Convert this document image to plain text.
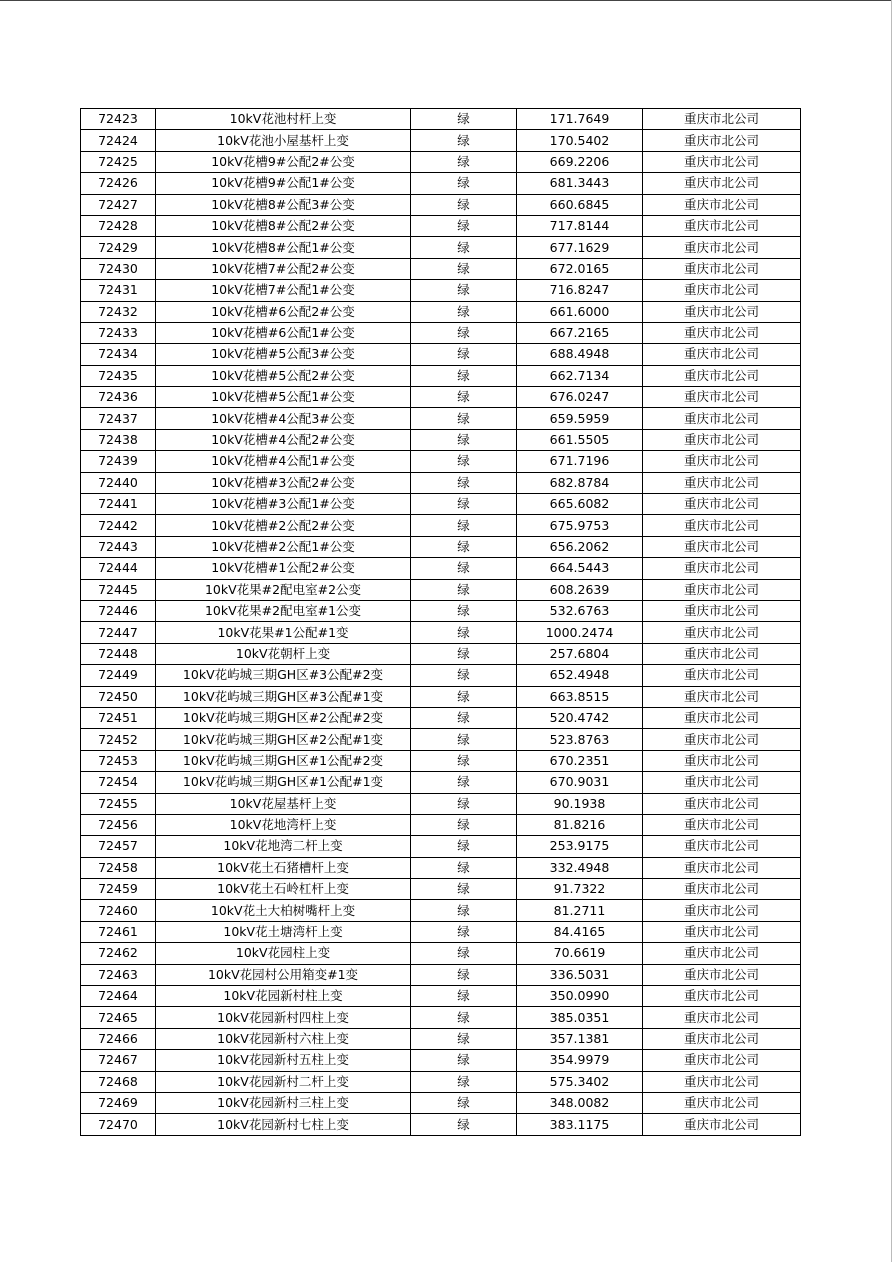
72423	10kV花池村杆上变	绿	171.7649	重庆市北公司
72424	10kV花池小屋基杆上变	绿	170.5402	重庆市北公司
72425	10kV花槽9#公配2#公变	绿	669.2206	重庆市北公司
72426	10kV花槽9#公配1#公变	绿	681.3443	重庆市北公司
72427	10kV花槽8#公配3#公变	绿	660.6845	重庆市北公司
72428	10kV花槽8#公配2#公变	绿	717.8144	重庆市北公司
72429	10kV花槽8#公配1#公变	绿	677.1629	重庆市北公司
72430	10kV花槽7#公配2#公变	绿	672.0165	重庆市北公司
72431	10kV花槽7#公配1#公变	绿	716.8247	重庆市北公司
72432	10kV花槽#6公配2#公变	绿	661.6000	重庆市北公司
72433	10kV花槽#6公配1#公变	绿	667.2165	重庆市北公司
72434	10kV花槽#5公配3#公变	绿	688.4948	重庆市北公司
72435	10kV花槽#5公配2#公变	绿	662.7134	重庆市北公司
72436	10kV花槽#5公配1#公变	绿	676.0247	重庆市北公司
72437	10kV花槽#4公配3#公变	绿	659.5959	重庆市北公司
72438	10kV花槽#4公配2#公变	绿	661.5505	重庆市北公司
72439	10kV花槽#4公配1#公变	绿	671.7196	重庆市北公司
72440	10kV花槽#3公配2#公变	绿	682.8784	重庆市北公司
72441	10kV花槽#3公配1#公变	绿	665.6082	重庆市北公司
72442	10kV花槽#2公配2#公变	绿	675.9753	重庆市北公司
72443	10kV花槽#2公配1#公变	绿	656.2062	重庆市北公司
72444	10kV花槽#1公配2#公变	绿	664.5443	重庆市北公司
72445	10kV花果#2配电室#2公变	绿	608.2639	重庆市北公司
72446	10kV花果#2配电室#1公变	绿	532.6763	重庆市北公司
72447	10kV花果#1公配#1变	绿	1000.2474	重庆市北公司
72448	10kV花朝杆上变	绿	257.6804	重庆市北公司
72449	10kV花屿城三期GH区#3公配#2变	绿	652.4948	重庆市北公司
72450	10kV花屿城三期GH区#3公配#1变	绿	663.8515	重庆市北公司
72451	10kV花屿城三期GH区#2公配#2变	绿	520.4742	重庆市北公司
72452	10kV花屿城三期GH区#2公配#1变	绿	523.8763	重庆市北公司
72453	10kV花屿城三期GH区#1公配#2变	绿	670.2351	重庆市北公司
72454	10kV花屿城三期GH区#1公配#1变	绿	670.9031	重庆市北公司
72455	10kV花屋基杆上变	绿	90.1938	重庆市北公司
72456	10kV花地湾杆上变	绿	81.8216	重庆市北公司
72457	10kV花地湾二杆上变	绿	253.9175	重庆市北公司
72458	10kV花土石猪槽杆上变	绿	332.4948	重庆市北公司
72459	10kV花土石岭杠杆上变	绿	91.7322	重庆市北公司
72460	10kV花土大柏树嘴杆上变	绿	81.2711	重庆市北公司
72461	10kV花土塘湾杆上变	绿	84.4165	重庆市北公司
72462	10kV花园柱上变	绿	70.6619	重庆市北公司
72463	10kV花园村公用箱变#1变	绿	336.5031	重庆市北公司
72464	10kV花园新村柱上变	绿	350.0990	重庆市北公司
72465	10kV花园新村四柱上变	绿	385.0351	重庆市北公司
72466	10kV花园新村六柱上变	绿	357.1381	重庆市北公司
72467	10kV花园新村五柱上变	绿	354.9979	重庆市北公司
72468	10kV花园新村二杆上变	绿	575.3402	重庆市北公司
72469	10kV花园新村三柱上变	绿	348.0082	重庆市北公司
72470	10kV花园新村七柱上变	绿	383.1175	重庆市北公司
